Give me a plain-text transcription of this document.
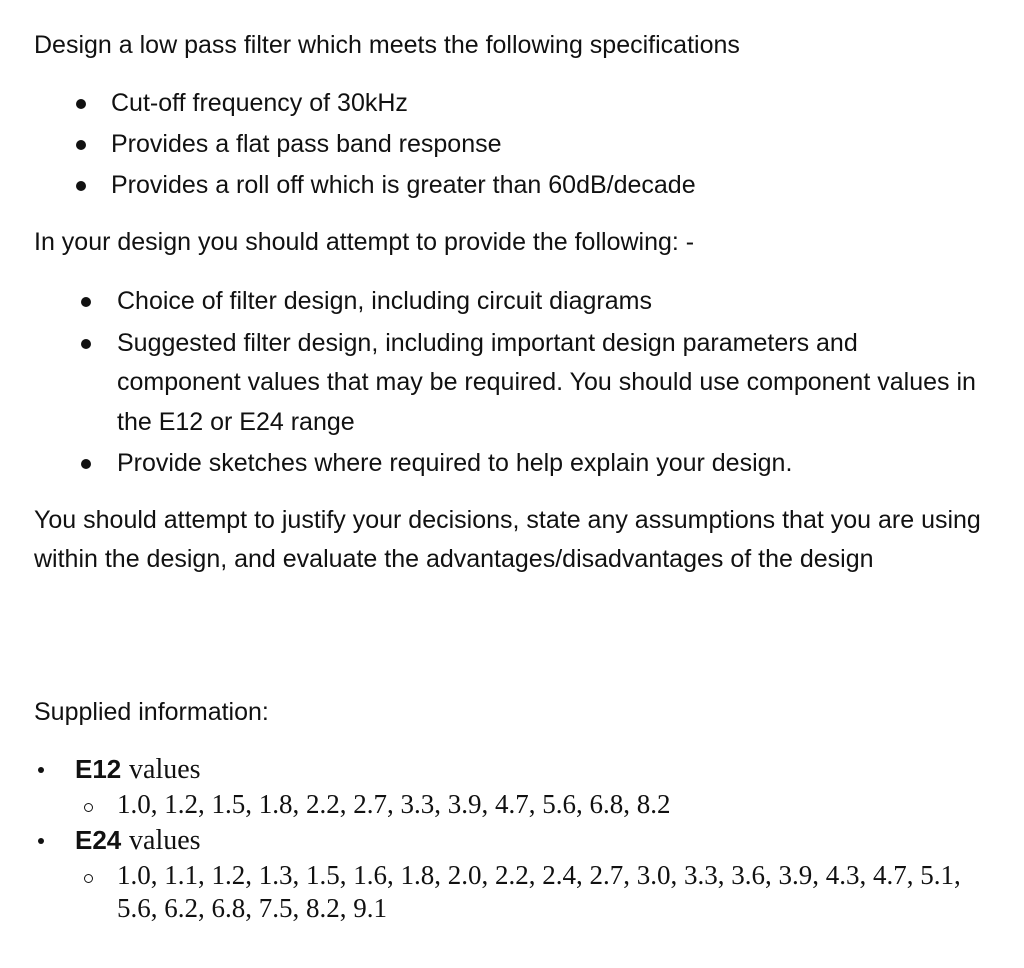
Design a low pass filter which meets the following specifications

Cut-off frequency of 30kHz
Provides a flat pass band response
Provides a roll off which is greater than 60dB/decade

In your design you should attempt to provide the following: -

Choice of filter design, including circuit diagrams
Suggested filter design, including important design parameters and component values that may be required. You should use component values in the E12 or E24 range
Provide sketches where required to help explain your design.

You should attempt to justify your decisions, state any assumptions that you are using within the design, and evaluate the advantages/disadvantages of the design

Supplied information:

E12 values
1.0, 1.2, 1.5, 1.8, 2.2, 2.7, 3.3, 3.9, 4.7, 5.6, 6.8, 8.2
E24 values
1.0, 1.1, 1.2, 1.3, 1.5, 1.6, 1.8, 2.0, 2.2, 2.4, 2.7, 3.0, 3.3, 3.6, 3.9, 4.3, 4.7, 5.1, 5.6, 6.2, 6.8, 7.5, 8.2, 9.1
